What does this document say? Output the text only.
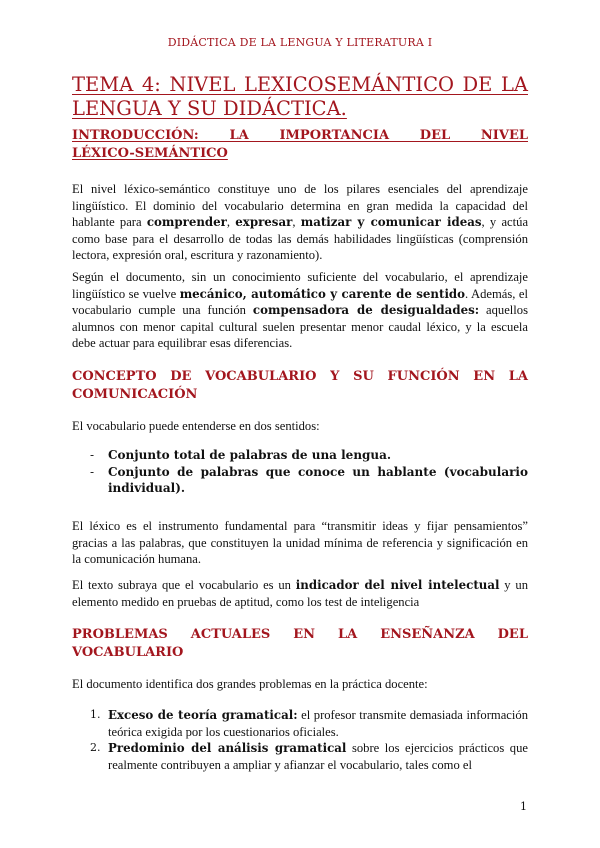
DIDÁCTICA DE LA LENGUA Y LITERATURA I
TEMA 4: NIVEL LEXICOSEMÁNTICO DE LA
LENGUA Y SU DIDÁCTICA.
INTRODUCCIÓN: LA IMPORTANCIA DEL NIVEL
LÉXICO-SEMÁNTICO

El nivel léxico-semántico constituye uno de los pilares esenciales del aprendizaje lingüístico. El dominio del vocabulario determina en gran medida la capacidad del hablante para comprender, expresar, matizar y comunicar ideas, y actúa como base para el desarrollo de todas las demás habilidades lingüísticas (comprensión lectora, expresión oral, escritura y razonamiento).

Según el documento, sin un conocimiento suficiente del vocabulario, el aprendizaje lingüístico se vuelve mecánico, automático y carente de sentido. Además, el vocabulario cumple una función compensadora de desigualdades: aquellos alumnos con menor capital cultural suelen presentar menor caudal léxico, y la escuela debe actuar para equilibrar esas diferencias.

CONCEPTO DE VOCABULARIO Y SU FUNCIÓN EN LA
COMUNICACIÓN

El vocabulario puede entenderse en dos sentidos:

- Conjunto total de palabras de una lengua.
- Conjunto de palabras que conoce un hablante (vocabulario individual).

El léxico es el instrumento fundamental para “transmitir ideas y fijar pensamientos” gracias a las palabras, que constituyen la unidad mínima de referencia y significación en la comunicación humana.

El texto subraya que el vocabulario es un indicador del nivel intelectual y un elemento medido en pruebas de aptitud, como los test de inteligencia

PROBLEMAS ACTUALES EN LA ENSEÑANZA DEL
VOCABULARIO

El documento identifica dos grandes problemas en la práctica docente:

1. Exceso de teoría gramatical: el profesor transmite demasiada información teórica exigida por los cuestionarios oficiales.
2. Predominio del análisis gramatical sobre los ejercicios prácticos que realmente contribuyen a ampliar y afianzar el vocabulario, tales como el
1
